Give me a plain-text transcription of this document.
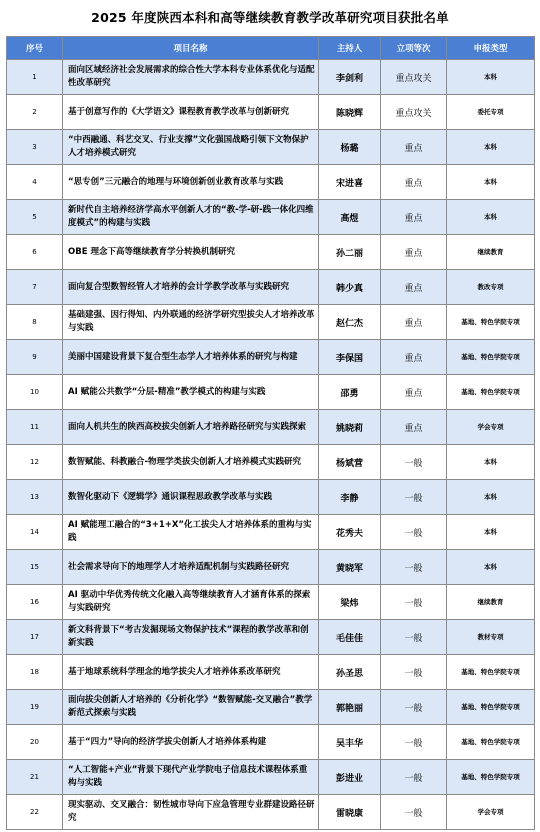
2025 年度陕西本科和高等继续教育教学改革研究项目获批名单
序号	项目名称	主持人	立项等次	申报类型
1	面向区域经济社会发展需求的综合性大学本科专业体系优化与适配性改革研究	李剑利	重点攻关	本科
2	基于创意写作的《大学语文》课程教育教学改革与创新研究	陈晓辉	重点攻关	委托专项
3	“中西融通、科艺交叉、行业支撑”文化强国战略引领下文物保护人才培养模式研究	杨璐	重点	本科
4	“思专创”三元融合的地理与环境创新创业教育改革与实践	宋进喜	重点	本科
5	新时代自主培养经济学高水平创新人才的“教-学-研-践一体化四维度模式”的构建与实践	高煜	重点	本科
6	OBE 理念下高等继续教育学分转换机制研究	孙二丽	重点	继续教育
7	面向复合型数智经管人才培养的会计学教学改革与实践研究	韩少真	重点	教改专项
8	基础建强、因行得知、内外联通的经济学研究型拔尖人才培养改革与实践	赵仁杰	重点	基地、特色学院专项
9	美丽中国建设背景下复合型生态学人才培养体系的研究与构建	李保国	重点	基地、特色学院专项
10	AI 赋能公共数学“分层-精准”教学模式的构建与实践	邵勇	重点	基地、特色学院专项
11	面向人机共生的陕西高校拔尖创新人才培养路径研究与实践探索	姚晓莉	重点	学会专项
12	数智赋能、科教融合-物理学类拔尖创新人才培养模式实践研究	杨斌营	一般	本科
13	数智化驱动下《逻辑学》通识课程思政教学改革与实践	李静	一般	本科
14	AI 赋能理工融合的“3+1+X”化工拔尖人才培养体系的重构与实践	花秀夫	一般	本科
15	社会需求导向下的地理学人才培养适配机制与实践路径研究	黄晓军	一般	本科
16	AI 驱动中华优秀传统文化融入高等继续教育人才涵育体系的探索与实践研究	梁炜	一般	继续教育
17	新文科背景下“考古发掘现场文物保护技术”课程的教学改革和创新实践	毛佳佳	一般	教材专项
18	基于地球系统科学理念的地学拔尖人才培养体系改革研究	孙圣思	一般	基地、特色学院专项
19	面向拔尖创新人才培养的《分析化学》“数智赋能-交叉融合”教学新范式探索与实践	郭艳丽	一般	基地、特色学院专项
20	基于“四力”导向的经济学拔尖创新人才培养体系构建	吴丰华	一般	基地、特色学院专项
21	“人工智能+产业”背景下现代产业学院电子信息技术课程体系重构与实践	彭进业	一般	基地、特色学院专项
22	现实驱动、交叉融合：韧性城市导向下应急管理专业群建设路径研究	雷晓康	一般	学会专项
